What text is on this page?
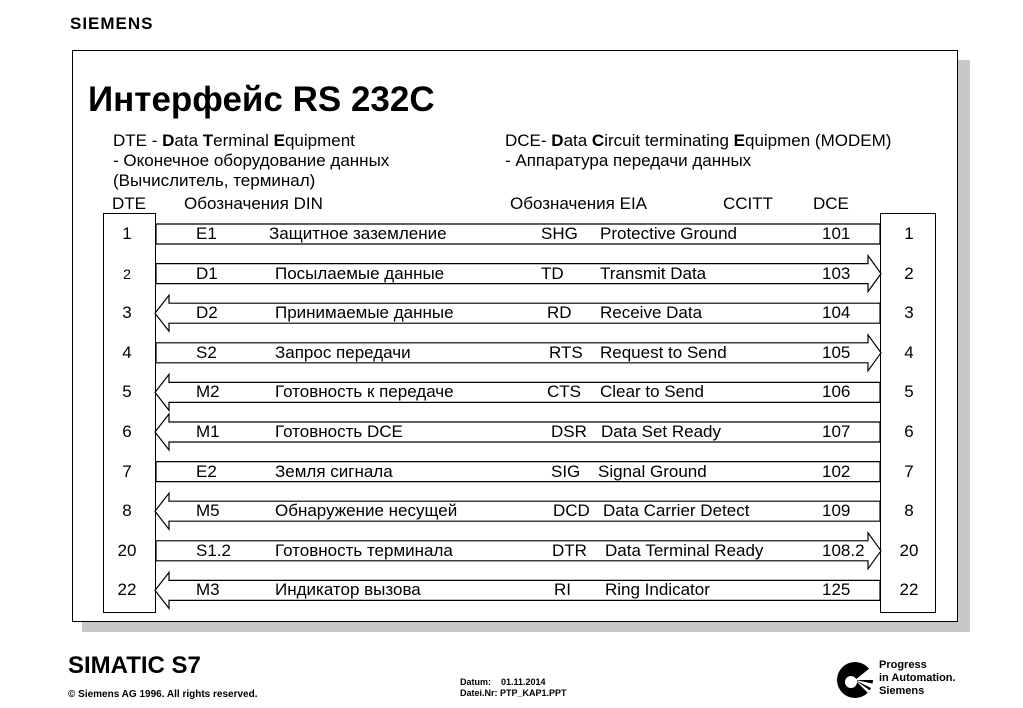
SIEMENS
Интерфейс RS 232C
DTE - Data Terminal Equipment
- Оконечное оборудование данных
(Вычислитель, терминал)
DCE- Data Circuit terminating Equipmen (MODEM)
- Аппаратура передачи данных
DTE Обозначения DIN	Обозначения EIA	CCITT DCE
1	E1	Защитное заземление	SHG Protective Ground	101	1
2	D1	Посылаемые данные	TD Transmit Data	103	2
3	D2	Принимаемые данные	RD Receive Data	104	3
4	S2	Запрос передачи	RTS Request to Send	105	4
5	M2	Готовность к передаче	CTS Clear to Send	106	5
6	M1	Готовность DCE	DSR Data Set Ready	107	6
7	E2	Земля сигнала	SIG Signal Ground	102	7
8	M5	Обнаружение несущей	DCD Data Carrier Detect	109	8
20	S1.2	Готовность терминала	DTR Data Terminal Ready	108.2	20
22	M3	Индикатор вызова	RI Ring Indicator	125	22
SIMATIC S7
© Siemens AG 1996. All rights reserved.
Datum: 01.11.2014
Datei.Nr: PTP_KAP1.PPT
Progress
in Automation.
Siemens
